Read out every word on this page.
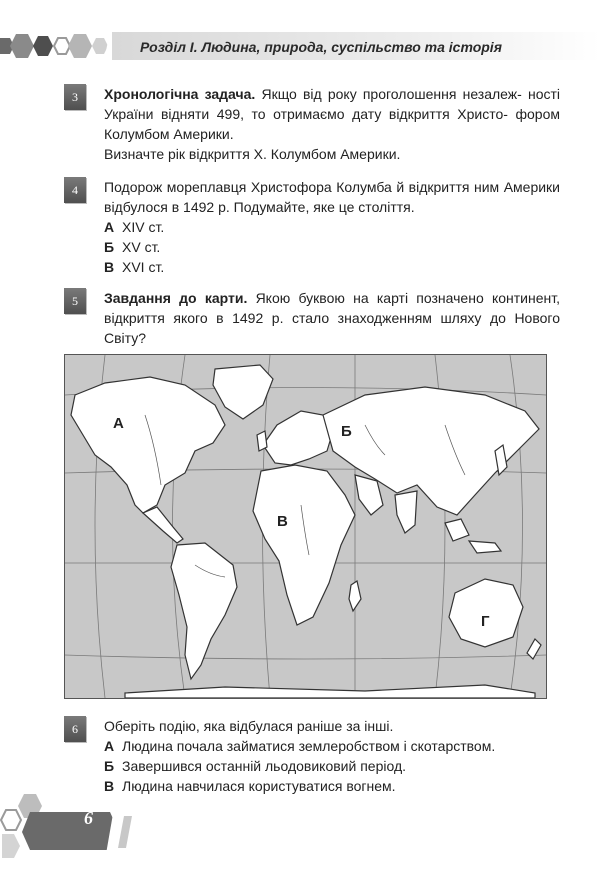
Розділ І. Людина, природа, суспільство та історія
3	Хронологічна задача. Якщо від року проголошення незалеж- ності України відняти 499, то отримаємо дату відкриття Христо- фором Колумбом Америки.
Визначте рік відкриття Х. Колумбом Америки.
4	Подорож мореплавця Христофора Колумба й відкриття ним Америки відбулося в 1492 р. Подумайте, яке це століття.
А XIV ст.
Б XV ст.
В XVI ст.
5	Завдання до карти. Якою буквою на карті позначено континент, відкриття якого в 1492 р. стало знаходженням шляху до Нового Світу?
А	Б
В
Г
6	Оберіть подію, яка відбулася раніше за інші.
А Людина почала займатися землеробством і скотарством.
Б Завершився останній льодовиковий період.
В Людина навчилася користуватися вогнем.
6
